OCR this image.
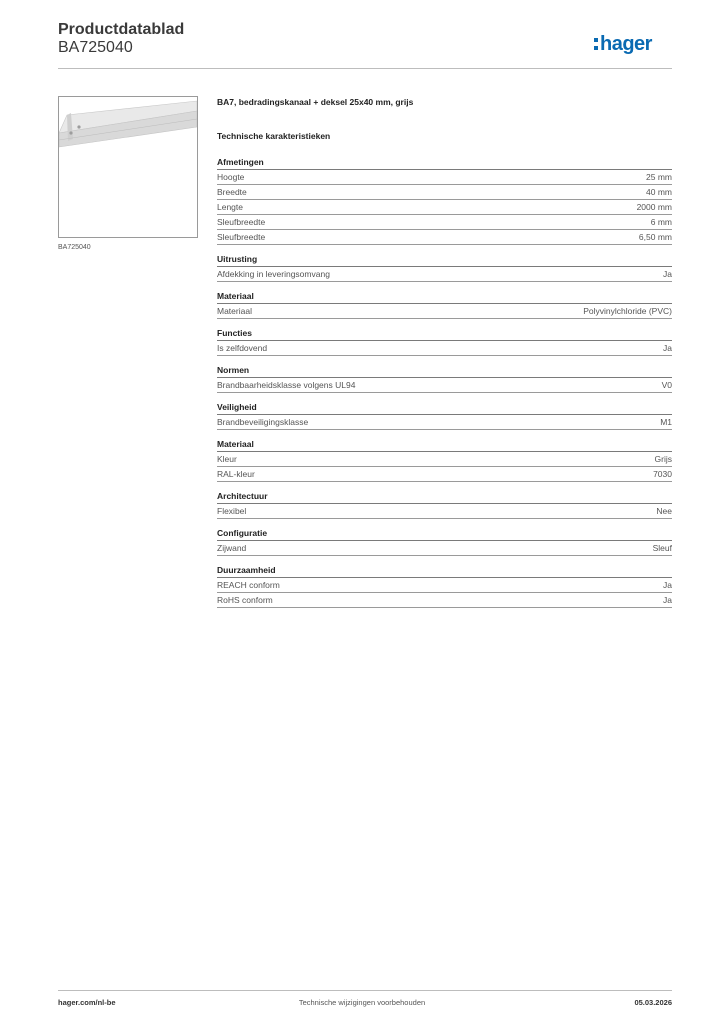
Productdatablad
BA725040	hager
BA725040
BA7, bedradingskanaal + deksel 25x40 mm, grijs
Technische karakteristieken
Afmetingen
Hoogte	25 mm
Breedte	40 mm
Lengte	2000 mm
Sleufbreedte	6 mm
Sleufbreedte	6,50 mm
Uitrusting
Afdekking in leveringsomvang	Ja
Materiaal
Materiaal	Polyvinylchloride (PVC)
Functies
Is zelfdovend	Ja
Normen
Brandbaarheidsklasse volgens UL94	V0
Veiligheid
Brandbeveiligingsklasse	M1
Materiaal
Kleur	Grijs
RAL-kleur	7030
Architectuur
Flexibel	Nee
Configuratie
Zijwand	Sleuf
Duurzaamheid
REACH conform	Ja
RoHS conform	Ja
hager.com/nl-be	Technische wijzigingen voorbehouden	05.03.2026
